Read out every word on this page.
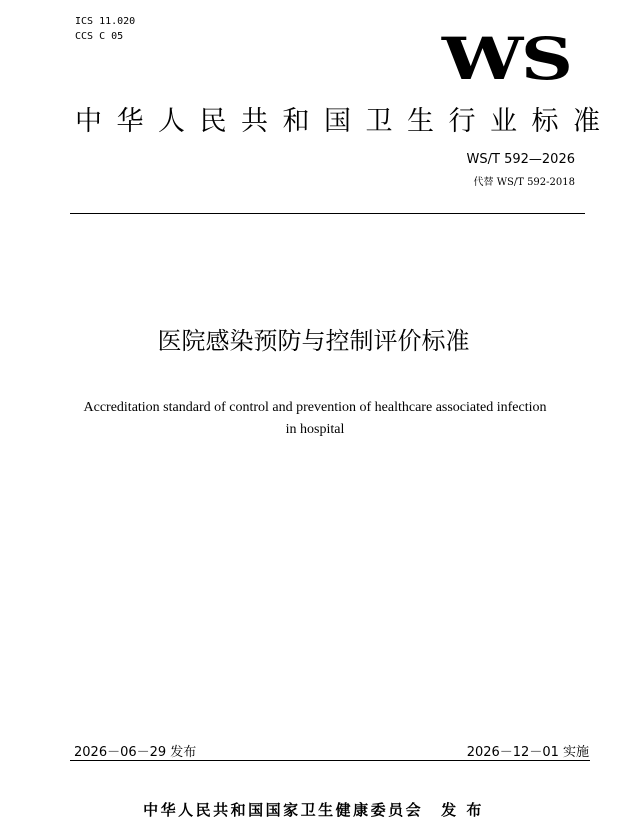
ICS 11.020
CCS C 05	WS
中华人民共和国卫生行业标准
WS/T 592—2026
代替 WS/T 592-2018
医院感染预防与控制评价标准
Accreditation standard of control and prevention of healthcare associated infection
in hospital
2026－06－29 发布	2026－12－01 实施
中华人民共和国国家卫生健康委员会 发 布
